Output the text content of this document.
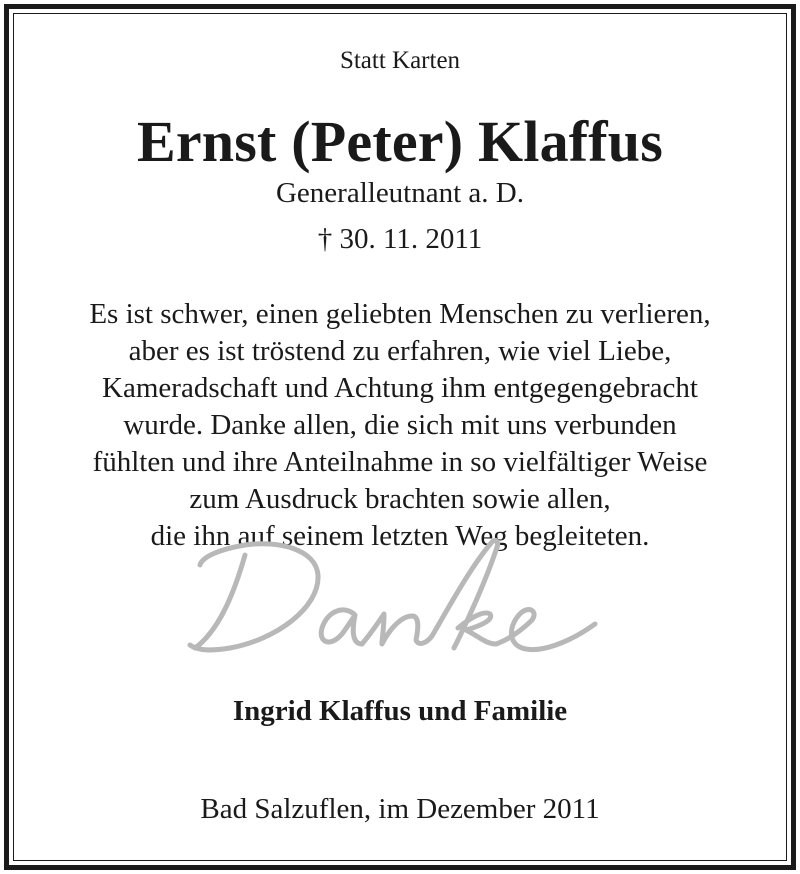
Statt Karten
Ernst (Peter) Klaffus
Generalleutnant a. D.
† 30. 11. 2011
Es ist schwer, einen geliebten Menschen zu verlieren,
aber es ist tröstend zu erfahren, wie viel Liebe,
Kameradschaft und Achtung ihm entgegengebracht
wurde. Danke allen, die sich mit uns verbunden
fühlten und ihre Anteilnahme in so vielfältiger Weise
zum Ausdruck brachten sowie allen,
die ihn auf seinem letzten Weg begleiteten.
Ingrid Klaffus und Familie
Bad Salzuflen, im Dezember 2011
